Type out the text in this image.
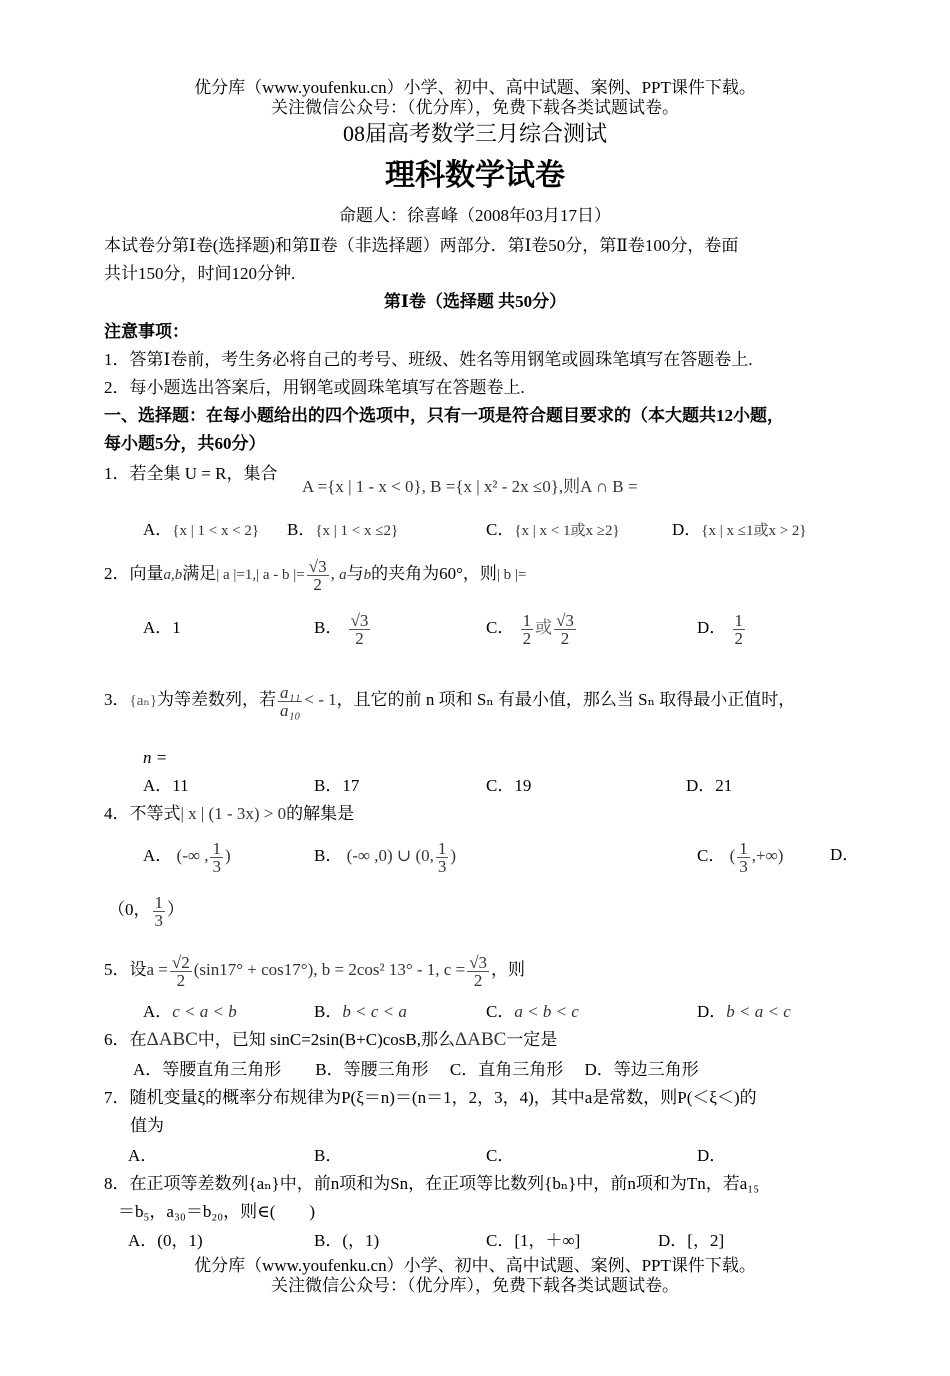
优分库（www.youfenku.cn）小学、初中、高中试题、案例、PPT课件下载。
关注微信公众号：（优分库），免费下载各类试题试卷。
08届高考数学三月综合测试
理科数学试卷
命题人：徐喜峰（2008年03月17日）
本试卷分第Ⅰ卷(选择题)和第Ⅱ卷（非选择题）两部分．第Ⅰ卷50分，第Ⅱ卷100分，卷面
共计150分，时间120分钟.
第Ⅰ卷（选择题 共50分）
注意事项：
1．答第Ⅰ卷前，考生务必将自己的考号、班级、姓名等用钢笔或圆珠笔填写在答题卷上.
2．每小题选出答案后，用钢笔或圆珠笔填写在答题卷上.
一、选择题：在每小题给出的四个选项中，只有一项是符合题目要求的（本大题共12小题，
每小题5分，共60分）
1．若全集 U = R，集合
A ={x | 1 - x < 0}, B ={x | x² - 2x ≤0},则A ∩ B =
A．{x | 1 < x < 2} B．{x | 1 < x ≤2}	C．{x | x < 1或x ≥2}	D．{x | x ≤1或x > 2}
2．向量a,b满足| a |=1,| a - b |= $\frac{√3}{2}$ , a与b的夹角为60°，则| b |=
A．1	B． $\frac{√3}{2}$	C． $\frac{1}{2}$ 或 $\frac{√3}{2}$	D． $\frac{1}{2}$
3．{aₙ}为等差数列，若 $\frac{\text{a₁₁}}{\text{a₁₀}}$ < - 1，且它的前 n 项和 Sₙ 有最小值，那么当 Sₙ 取得最小正值时，
n =
A．11	B．17	C．19	D．21
4．不等式| x | (1 - 3x) > 0的解集是
A． (-∞ , $\frac{1}{3}$ )	B． (-∞ ,0) ∪ (0, $\frac{1}{3}$ )	C． ( $\frac{1}{3}$ ,+∞)	D．
（0， $\frac{1}{3}$ ）
5．设$a = \frac{√2}{2} (\sin 17^\circ + \cos 17^\circ)$, b = 2cos² 13° - 1, $c = \frac{√3}{2}$ ，则
A．c < a < b	B．b < c < a	C．a < b < c	D．b < a < c
6．在ΔABC中，已知 sinC=2sin(B+C)cosB,那么ΔABC一定是
A．等腰直角三角形　　B．等腰三角形　 C．直角三角形　 D．等边三角形
7．随机变量ξ的概率分布规律为P(ξ＝n)＝(n＝1，2，3，4)，其中a是常数，则P(＜ξ＜)的
值为
A．	B．	C．	D．
8．在正项等差数列{aₙ}中，前n项和为Sn，在正项等比数列{bₙ}中，前n项和为Tn，若a₁₅
＝b₅，a₃₀＝b₂₀，则∈(　　)
A．(0，1)	B．(，1)	C．[1，＋∞]	D．[，2]
优分库（www.youfenku.cn）小学、初中、高中试题、案例、PPT课件下载。
关注微信公众号：（优分库），免费下载各类试题试卷。
